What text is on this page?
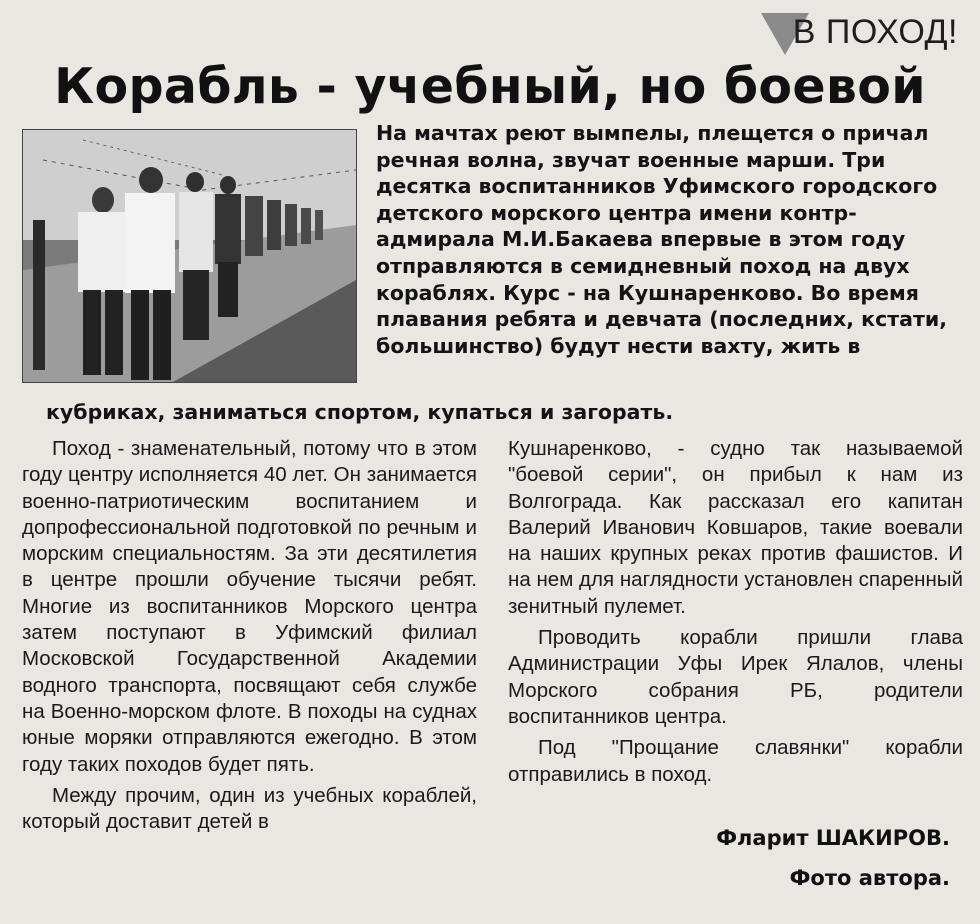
В ПОХОД!
Корабль - учебный, но боевой
На мачтах реют вымпелы, плещется о причал речная волна, звучат военные марши. Три десятка воспитанников Уфимского городского детского морского центра имени контр-адмирала М.И.Бакаева впервые в этом году отправляются в семидневный поход на двух кораблях. Курс - на Кушнаренково. Во время плавания ребята и девчата (последних, кстати, большинство) будут нести вахту, жить в
кубриках, заниматься спортом, купаться и загорать.

Поход - знаменательный, потому что в этом году центру исполняется 40 лет. Он занимается военно-патриотическим воспитанием и допрофессиональной подготовкой по речным и морским специальностям. За эти десятилетия в центре прошли обучение тысячи ребят. Многие из воспитанников Морского центра затем поступают в Уфимский филиал Московской Государственной Академии водного транспорта, посвящают себя службе на Военно-морском флоте. В походы на суднах юные моряки отправляются ежегодно. В этом году таких походов будет пять.

Между прочим, один из учебных кораблей, который доставит детей в

Кушнаренково, - судно так называемой "боевой серии", он прибыл к нам из Волгограда. Как рассказал его капитан Валерий Иванович Ковшаров, такие воевали на наших крупных реках против фашистов. И на нем для наглядности установлен спаренный зенитный пулемет.

Проводить корабли пришли глава Администрации Уфы Ирек Ялалов, члены Морского собрания РБ, родители воспитанников центра.

Под "Прощание славянки" корабли отправились в поход.

Фларит ШАКИРОВ.
Фото автора.
